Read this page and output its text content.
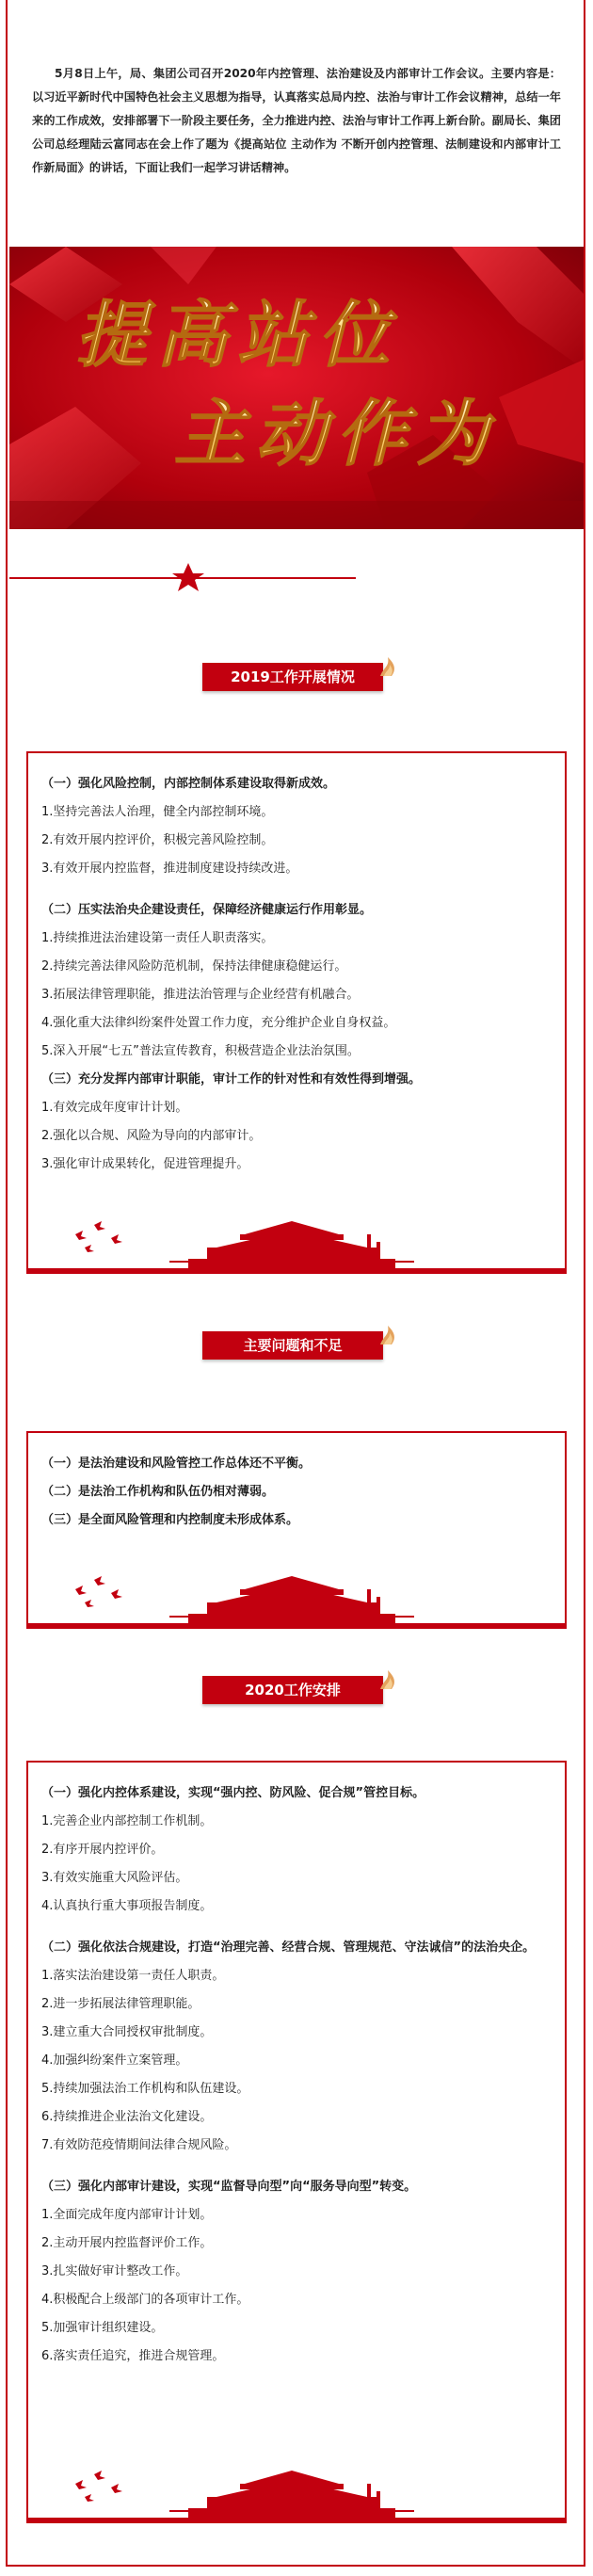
5月8日上午，局、集团公司召开2020年内控管理、法治建设及内部审计工作会议。主要内容是：以习近平新时代中国特色社会主义思想为指导，认真落实总局内控、法治与审计工作会议精神，总结一年来的工作成效，安排部署下一阶段主要任务，全力推进内控、法治与审计工作再上新台阶。副局长、集团公司总经理陆云富同志在会上作了题为《提高站位 主动作为 不断开创内控管理、法制建设和内部审计工作新局面》的讲话，下面让我们一起学习讲话精神。
提高站位
主动作为
2019工作开展情况
（一）强化风险控制，内部控制体系建设取得新成效。
1.坚持完善法人治理，健全内部控制环境。
2.有效开展内控评价，积极完善风险控制。
3.有效开展内控监督，推进制度建设持续改进。
（二）压实法治央企建设责任，保障经济健康运行作用彰显。
1.持续推进法治建设第一责任人职责落实。
2.持续完善法律风险防范机制，保持法律健康稳健运行。
3.拓展法律管理职能，推进法治管理与企业经营有机融合。
4.强化重大法律纠纷案件处置工作力度，充分维护企业自身权益。
5.深入开展“七五”普法宣传教育，积极营造企业法治氛围。
（三）充分发挥内部审计职能，审计工作的针对性和有效性得到增强。
1.有效完成年度审计计划。
2.强化以合规、风险为导向的内部审计。
3.强化审计成果转化，促进管理提升。
主要问题和不足
（一）是法治建设和风险管控工作总体还不平衡。
（二）是法治工作机构和队伍仍相对薄弱。
（三）是全面风险管理和内控制度未形成体系。
2020工作安排
（一）强化内控体系建设，实现“强内控、防风险、促合规”管控目标。
1.完善企业内部控制工作机制。
2.有序开展内控评价。
3.有效实施重大风险评估。
4.认真执行重大事项报告制度。
（二）强化依法合规建设，打造“治理完善、经营合规、管理规范、守法诚信”的法治央企。
1.落实法治建设第一责任人职责。
2.进一步拓展法律管理职能。
3.建立重大合同授权审批制度。
4.加强纠纷案件立案管理。
5.持续加强法治工作机构和队伍建设。
6.持续推进企业法治文化建设。
7.有效防范疫情期间法律合规风险。
（三）强化内部审计建设，实现“监督导向型”向“服务导向型”转变。
1.全面完成年度内部审计计划。
2.主动开展内控监督评价工作。
3.扎实做好审计整改工作。
4.积极配合上级部门的各项审计工作。
5.加强审计组织建设。
6.落实责任追究，推进合规管理。
